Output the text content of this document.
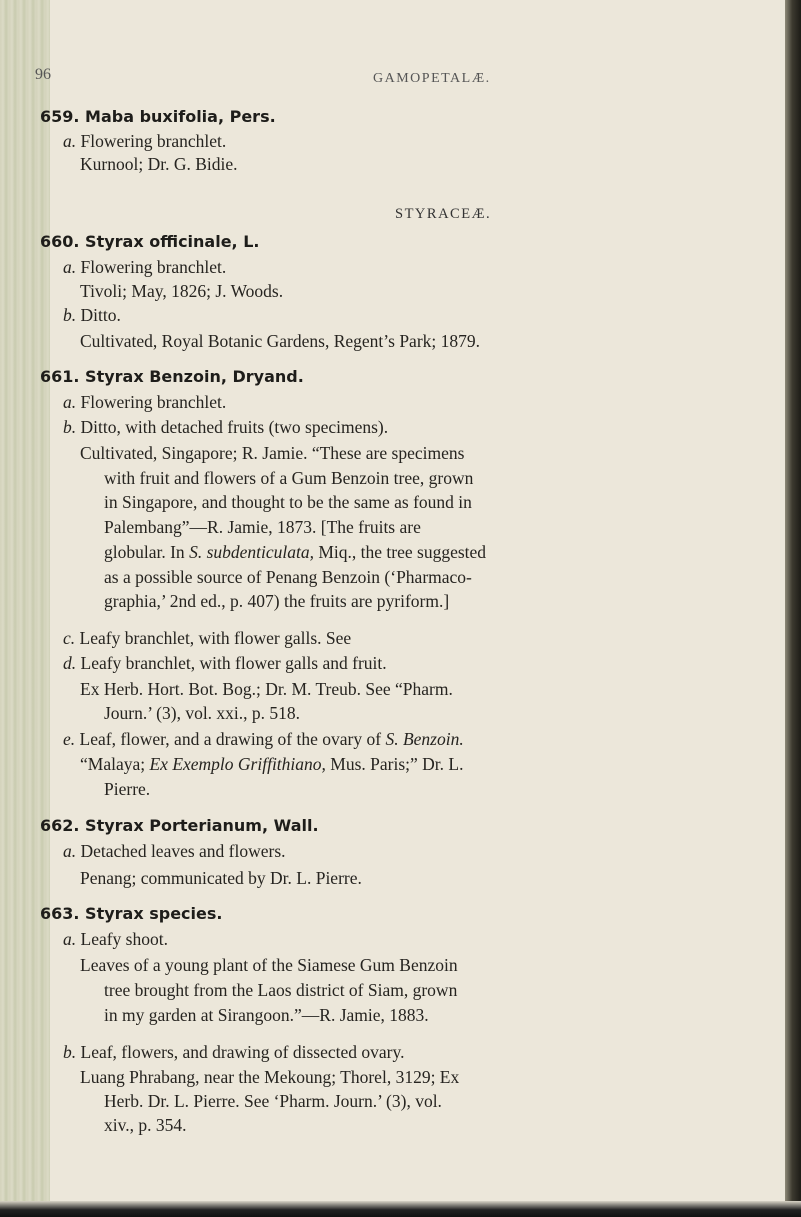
96	GAMOPETALÆ.
STYRACEÆ.
659. Maba buxifolia, Pers.
a. Flowering branchlet.
Kurnool; Dr. G. Bidie.
660. Styrax officinale, L.
a. Flowering branchlet.
Tivoli; May, 1826; J. Woods.
b. Ditto.
Cultivated, Royal Botanic Gardens, Regent’s Park; 1879.
661. Styrax Benzoin, Dryand.
a. Flowering branchlet.
b. Ditto, with detached fruits (two specimens).
Cultivated, Singapore; R. Jamie. “These are specimens
with fruit and flowers of a Gum Benzoin tree, grown
in Singapore, and thought to be the same as found in
Palembang”—R. Jamie, 1873. [The fruits are
globular. In S. subdenticulata, Miq., the tree suggested
as a possible source of Penang Benzoin (‘Pharmaco-
graphia,’ 2nd ed., p. 407) the fruits are pyriform.]
c. Leafy branchlet, with flower galls. See
d. Leafy branchlet, with flower galls and fruit.
Ex Herb. Hort. Bot. Bog.; Dr. M. Treub. See “Pharm.
Journ.’ (3), vol. xxi., p. 518.
e. Leaf, flower, and a drawing of the ovary of S. Benzoin.
“Malaya; Ex Exemplo Griffithiano, Mus. Paris;” Dr. L.
Pierre.
662. Styrax Porterianum, Wall.
a. Detached leaves and flowers.
Penang; communicated by Dr. L. Pierre.
663. Styrax species.
a. Leafy shoot.
Leaves of a young plant of the Siamese Gum Benzoin
tree brought from the Laos district of Siam, grown
in my garden at Sirangoon.”—R. Jamie, 1883.
b. Leaf, flowers, and drawing of dissected ovary.
Luang Phrabang, near the Mekoung; Thorel, 3129; Ex
Herb. Dr. L. Pierre. See ‘Pharm. Journ.’ (3), vol.
xiv., p. 354.
